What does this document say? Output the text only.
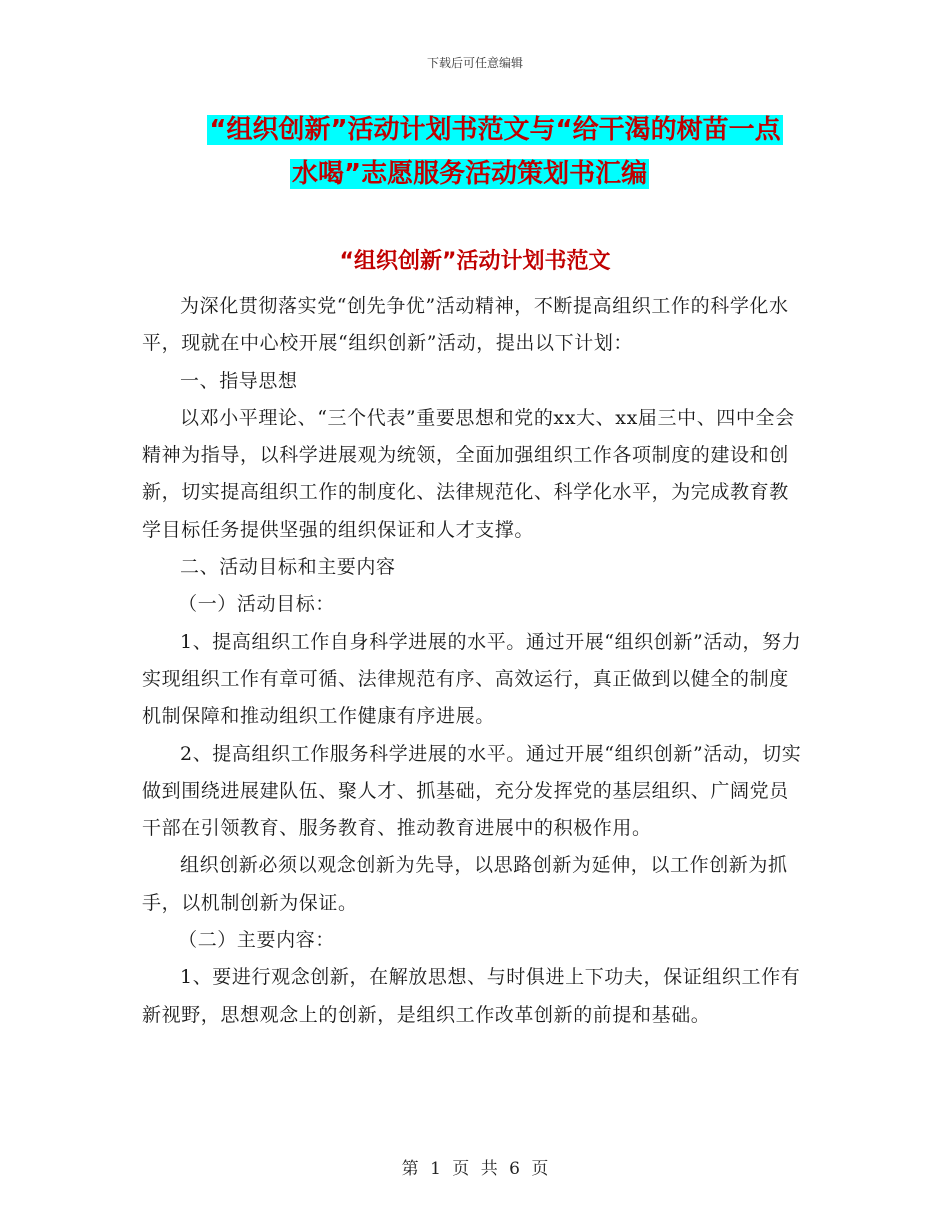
下载后可任意编辑
“组织创新”活动计划书范文与“给干渴的树苗一点
水喝”志愿服务活动策划书汇编
“组织创新”活动计划书范文

为深化贯彻落实党“创先争优”活动精神，不断提高组织工作的科学化水平，现就在中心校开展“组织创新”活动，提出以下计划：

一、指导思想

以邓小平理论、“三个代表”重要思想和党的xx大、xx届三中、四中全会精神为指导，以科学进展观为统领，全面加强组织工作各项制度的建设和创新，切实提高组织工作的制度化、法律规范化、科学化水平，为完成教育教学目标任务提供坚强的组织保证和人才支撑。

二、活动目标和主要内容

（一）活动目标：

1、提高组织工作自身科学进展的水平。通过开展“组织创新”活动，努力实现组织工作有章可循、法律规范有序、高效运行，真正做到以健全的制度机制保障和推动组织工作健康有序进展。

2、提高组织工作服务科学进展的水平。通过开展“组织创新”活动，切实做到围绕进展建队伍、聚人才、抓基础，充分发挥党的基层组织、广阔党员干部在引领教育、服务教育、推动教育进展中的积极作用。

组织创新必须以观念创新为先导，以思路创新为延伸，以工作创新为抓手，以机制创新为保证。

（二）主要内容：

1、要进行观念创新，在解放思想、与时俱进上下功夫，保证组织工作有新视野，思想观念上的创新，是组织工作改革创新的前提和基础。

第 1 页 共 6 页
